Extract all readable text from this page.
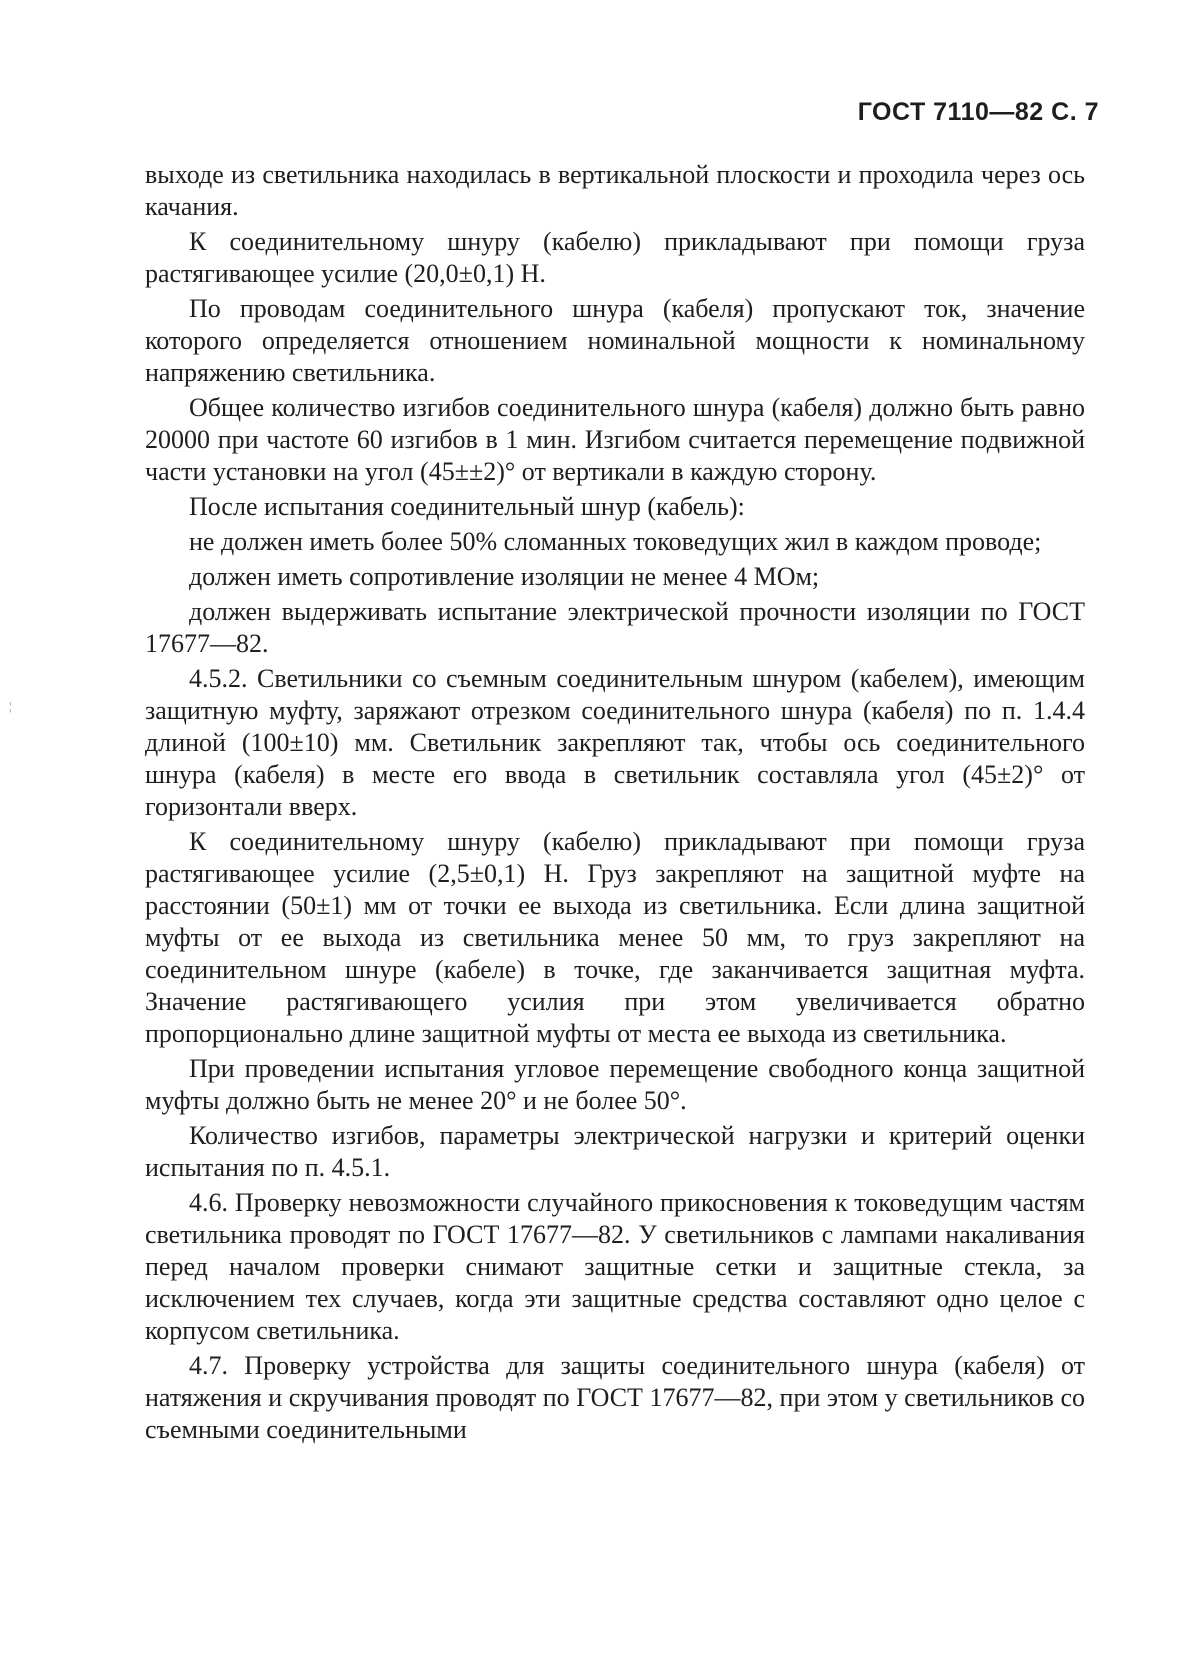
ГОСТ 7110—82 С. 7
¦

выходе из светильника находилась в вертикальной плоскости и проходила через ось качания.

К соединительному шнуру (кабелю) прикладывают при помощи груза растягивающее усилие (20,0±0,1) Н.

По проводам соединительного шнура (кабеля) пропускают ток, значение которого определяется отношением номинальной мощности к номинальному напряжению светильника.

Общее количество изгибов соединительного шнура (кабеля) должно быть равно 20000 при частоте 60 изгибов в 1 мин. Изгибом считается перемещение подвижной части установки на угол (45±±2)° от вертикали в каждую сторону.

После испытания соединительный шнур (кабель):

не должен иметь более 50% сломанных токоведущих жил в каждом проводе;

должен иметь сопротивление изоляции не менее 4 МОм;

должен выдерживать испытание электрической прочности изоляции по ГОСТ 17677—82.

4.5.2. Светильники со съемным соединительным шнуром (кабелем), имеющим защитную муфту, заряжают отрезком соединительного шнура (кабеля) по п. 1.4.4 длиной (100±10) мм. Светильник закрепляют так, чтобы ось соединительного шнура (кабеля) в месте его ввода в светильник составляла угол (45±2)° от горизонтали вверх.

К соединительному шнуру (кабелю) прикладывают при помощи груза растягивающее усилие (2,5±0,1) Н. Груз закрепляют на защитной муфте на расстоянии (50±1) мм от точки ее выхода из светильника. Если длина защитной муфты от ее выхода из светильника менее 50 мм, то груз закрепляют на соединительном шнуре (кабеле) в точке, где заканчивается защитная муфта. Значение растягивающего усилия при этом увеличивается обратно пропорционально длине защитной муфты от места ее выхода из светильника.

При проведении испытания угловое перемещение свободного конца защитной муфты должно быть не менее 20° и не более 50°.

Количество изгибов, параметры электрической нагрузки и критерий оценки испытания по п. 4.5.1.

4.6. Проверку невозможности случайного прикосновения к токоведущим частям светильника проводят по ГОСТ 17677—82. У светильников с лампами накаливания перед началом проверки снимают защитные сетки и защитные стекла, за исключением тех случаев, когда эти защитные средства составляют одно целое с корпусом светильника.

4.7. Проверку устройства для защиты соединительного шнура (кабеля) от натяжения и скручивания проводят по ГОСТ 17677—82, при этом у светильников со съемными соединительными
